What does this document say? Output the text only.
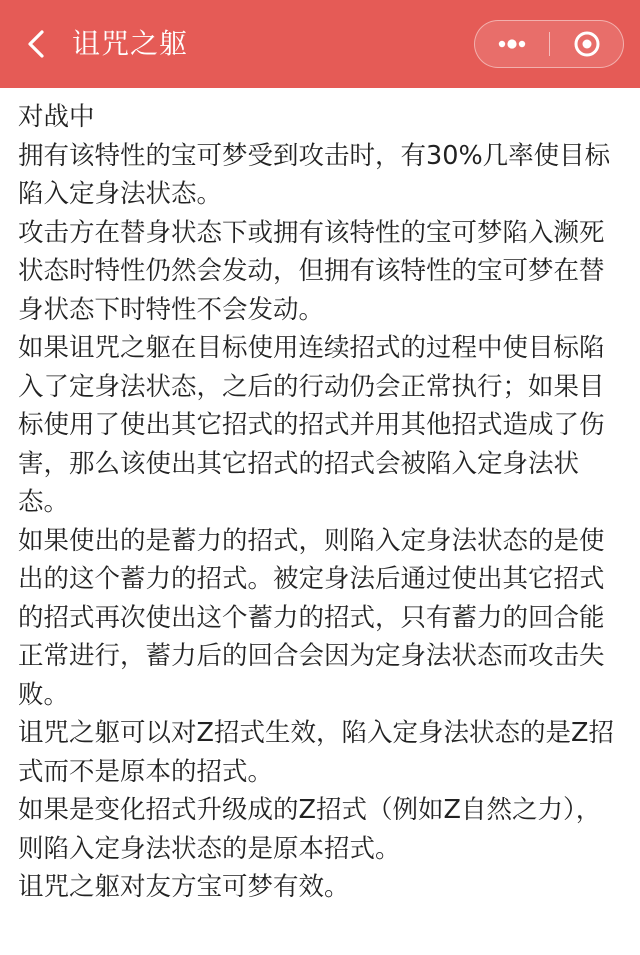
诅咒之躯

对战中

拥有该特性的宝可梦受到攻击时，有30%几率使目标陷入定身法状态。

攻击方在替身状态下或拥有该特性的宝可梦陷入濒死状态时特性仍然会发动，但拥有该特性的宝可梦在替身状态下时特性不会发动。

如果诅咒之躯在目标使用连续招式的过程中使目标陷入了定身法状态，之后的行动仍会正常执行；如果目标使用了使出其它招式的招式并用其他招式造成了伤害，那么该使出其它招式的招式会被陷入定身法状态。

如果使出的是蓄力的招式，则陷入定身法状态的是使出的这个蓄力的招式。被定身法后通过使出其它招式的招式再次使出这个蓄力的招式，只有蓄力的回合能正常进行，蓄力后的回合会因为定身法状态而攻击失败。

诅咒之躯可以对Z招式生效，陷入定身法状态的是Z招式而不是原本的招式。

如果是变化招式升级成的Z招式（例如Z自然之力），则陷入定身法状态的是原本招式。

诅咒之躯对友方宝可梦有效。
